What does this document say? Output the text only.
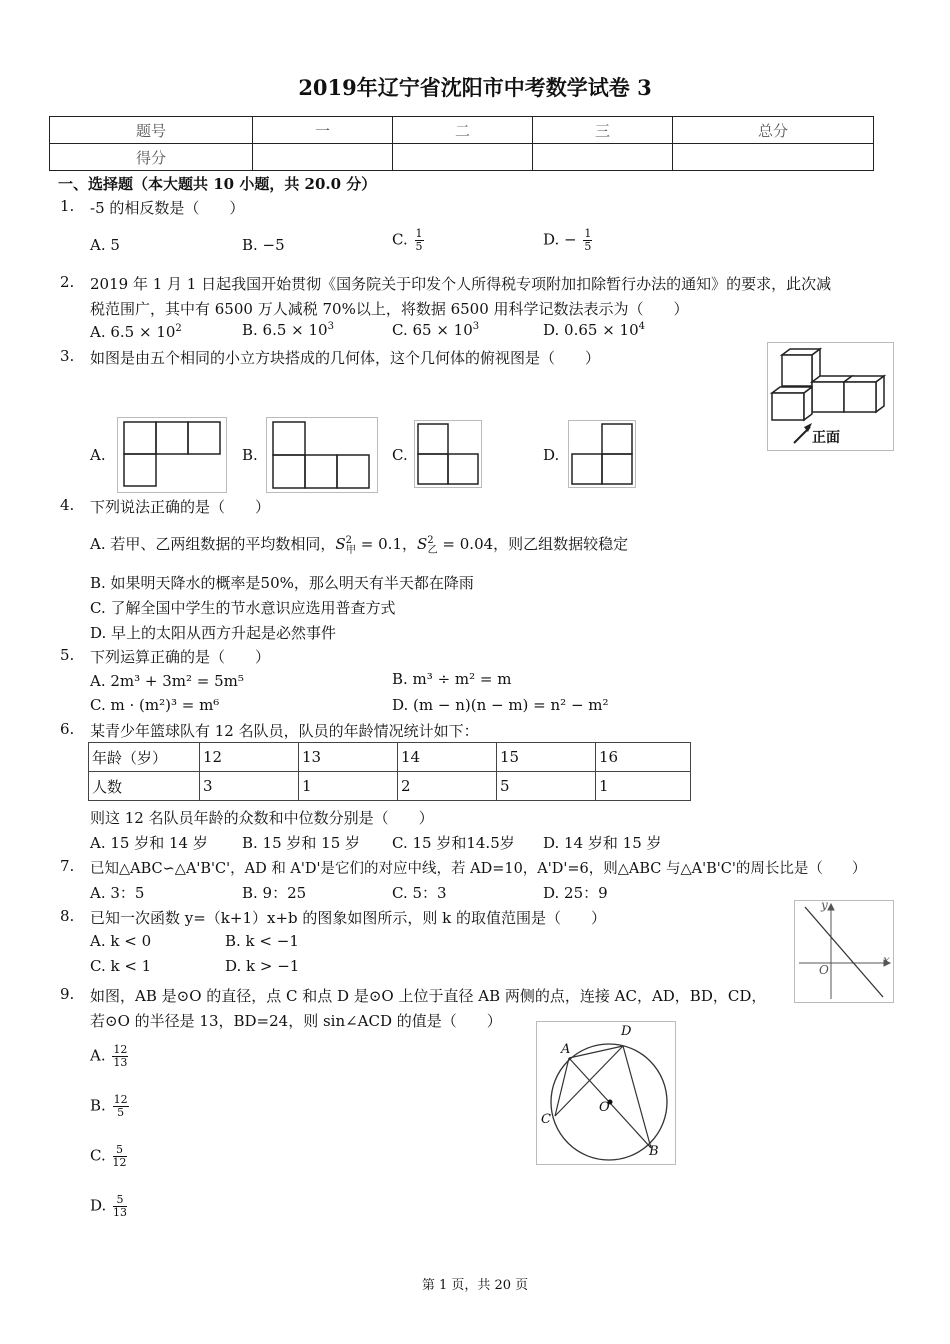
2019年辽宁省沈阳市中考数学试卷 3
题号	一	二	三	总分
得分				
一、选择题（本大题共 10 小题，共 20.0 分）
1. -5 的相反数是（　　）
A. 5	B. −5	C. $\frac{1}{5}$	D. − $\frac{1}{5}$
2. 2019 年 1 月 1 日起我国开始贯彻《国务院关于印发个人所得税专项附加扣除暂行办法的通知》的要求，此次减
税范围广，其中有 6500 万人减税 70%以上，将数据 6500 用科学记数法表示为（　　）
A. $6.5 \times 10^2$	B. $6.5 \times 10^3$	C. $65 \times 10^3$	D. $0.65 \times 10^4$
3. 如图是由五个相同的小立方块搭成的几何体，这个几何体的俯视图是（　　）
正面
A.	B.	C.	D.
4. 下列说法正确的是（　　）
A. 若甲、乙两组数据的平均数相同，$S^2_甲 = 0.1$，$S^2_乙 = 0.04$，则乙组数据较稳定
B. 如果明天降水的概率是50%，那么明天有半天都在降雨
C. 了解全国中学生的节水意识应选用普查方式
D. 早上的太阳从西方升起是必然事件
5. 下列运算正确的是（　　）
A. 2m³ + 3m² = 5m⁵	B. m³ ÷ m² = m
C. m · (m²)³ = m⁶	D. (m − n)(n − m) = n² − m²
6. 某青少年篮球队有 12 名队员，队员的年龄情况统计如下：
年龄（岁）	12	13	14	15	16
人数	3	1	2	5	1
则这 12 名队员年龄的众数和中位数分别是（　　）
A. 15 岁和 14 岁 B. 15 岁和 15 岁 C. 15 岁和14.5岁 D. 14 岁和 15 岁
7. 已知△ABC∽△A'B'C'，AD 和 A'D'是它们的对应中线，若 AD=10，A'D'=6，则△ABC 与△A'B'C'的周长比是（　　）
A. 3：5	B. 9：25	C. 5：3	D. 25：9
8. 已知一次函数 y=（k+1）x+b 的图象如图所示，则 k 的取值范围是（　　）
A. k < 0	B. k < −1
C. k < 1	D. k > −1
y
x
O
9. 如图，AB 是⊙O 的直径，点 C 和点 D 是⊙O 上位于直径 AB 两侧的点，连接 AC，AD，BD，CD，
若⊙O 的半径是 13，BD=24，则 sin∠ACD 的值是（　　）
A. $\frac{12}{13}$
B. $\frac{12}{5}$
C. $\frac{5}{12}$
D. $\frac{5}{13}$
A
D
C
B
O
第 1 页，共 20 页
